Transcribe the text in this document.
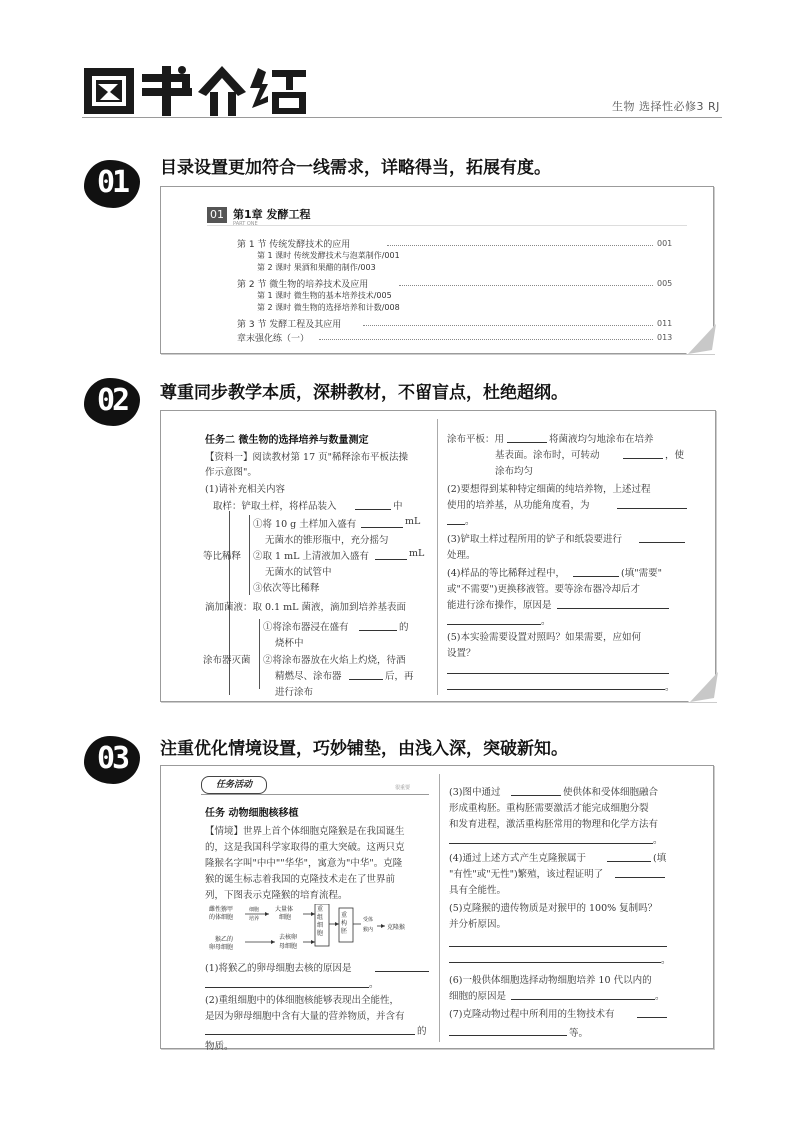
生物 选择性必修3 RJ
01	目录设置更加符合一线需求，详略得当，拓展有度。
01 第1章 发酵工程
PART ONE
第 1 节 传统发酵技术的应用	001
第 1 课时 传统发酵技术与泡菜制作/001
第 2 课时 果酒和果醋的制作/003
第 2 节 微生物的培养技术及应用	005
第 1 课时 微生物的基本培养技术/005
第 2 课时 微生物的选择培养和计数/008
第 3 节 发酵工程及其应用	011
章末强化练（一）	013
02	尊重同步教学本质，深耕教材，不留盲点，杜绝超纲。
任务二 微生物的选择培养与数量测定
【资料一】阅读教材第 17 页"稀释涂布平板法操
作示意图"。
(1)请补充相关内容
取样：铲取土样，将样品装入	中
①将 10 g 土样加入盛有	mL
无菌水的锥形瓶中，充分摇匀
等比稀释 ②取 1 mL 上清液加入盛有	mL
无菌水的试管中
③依次等比稀释
滴加菌液：取 0.1 mL 菌液，滴加到培养基表面
①将涂布器浸在盛有	的
烧杯中
涂布器灭菌 ②将涂布器放在火焰上灼烧，待酒
精燃尽、涂布器	后，再
进行涂布
涂布平板：用	将菌液均匀地涂布在培养
基表面。涂布时，可转动	，使
涂布均匀
(2)要想得到某种特定细菌的纯培养物，上述过程
使用的培养基，从功能角度看，为
。
(3)铲取土样过程所用的铲子和纸袋要进行
处理。
(4)样品的等比稀释过程中，	(填"需要"
或"不需要")更换移液管。要等涂布器冷却后才
能进行涂布操作，原因是
。
(5)本实验需要设置对照吗？如果需要，应如何
设置？
。
03	注重优化情境设置，巧妙铺垫，由浅入深，突破新知。
任务活动	很重要
任务 动物细胞核移植
【情境】世界上首个体细胞克隆猴是在我国诞生
的，这是我国科学家取得的重大突破。这两只克
隆猴名字叫"中中""华华"，寓意为"中华"。克隆
猴的诞生标志着我国的克隆技术走在了世界前
列，下图表示克隆猴的培育流程。
雌性猕甲
的体细胞
细胞
培养
大量体
细胞
重组细胞
重构胚
受体
猴内 克隆猴
猴乙的
卵母细胞
去核卵
母细胞
(1)将猴乙的卵母细胞去核的原因是
。
(2)重组细胞中的体细胞核能够表现出全能性，
是因为卵母细胞中含有大量的营养物质，并含有
的
物质。
(3)图中通过	使供体和受体细胞融合
形成重构胚。重构胚需要激活才能完成细胞分裂
和发育进程，激活重构胚常用的物理和化学方法有
。
(4)通过上述方式产生克隆猴属于	(填
"有性"或"无性")繁殖，该过程证明了
具有全能性。
(5)克隆猴的遗传物质是对猴甲的 100% 复制吗？
并分析原因。
。
(6)一般供体细胞选择动物细胞培养 10 代以内的
细胞的原因是	。
(7)克隆动物过程中所利用的生物技术有
等。
